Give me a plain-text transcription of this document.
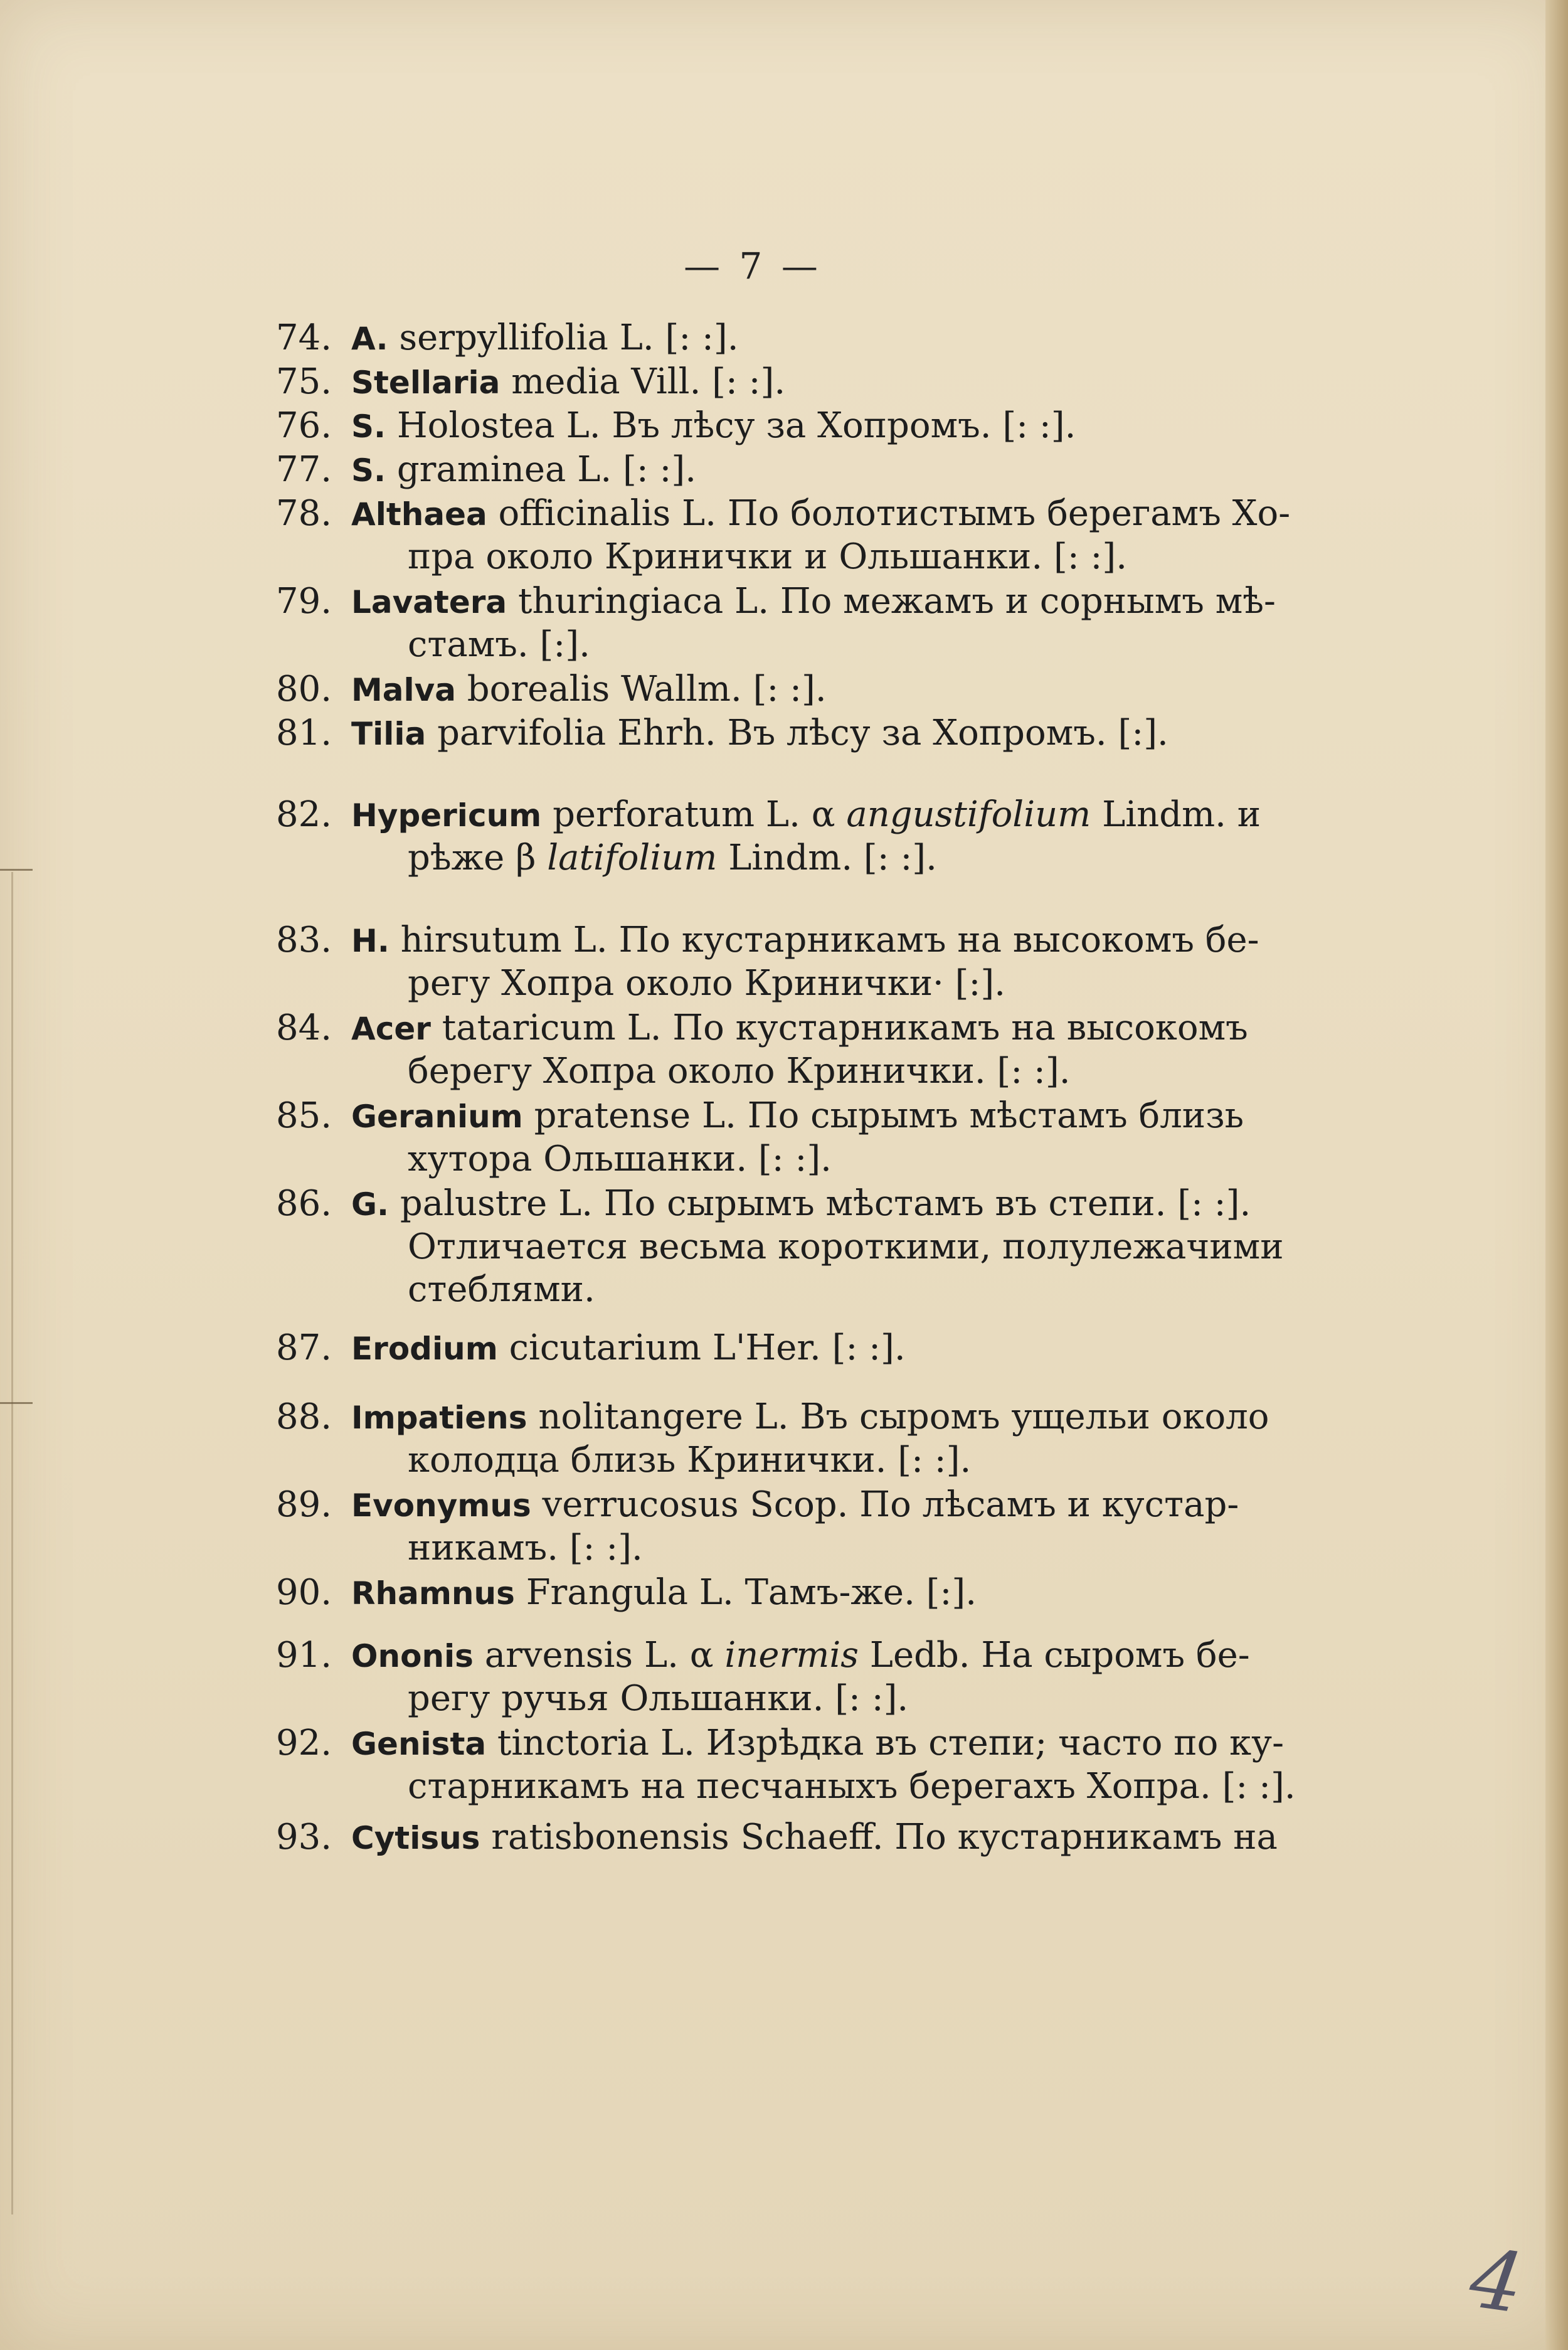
— 7 —
74. A. serpyllifolia L. [: :].
75. Stellaria media Vill. [: :].
76. S. Holostea L. Въ лѣсу за Хопромъ. [: :].
77. S. graminea L. [: :].
78. Althaea officinalis L. По болотистымъ берегамъ Хо-
пра около Кринички и Ольшанки. [: :].
79. Lavatera thuringiaca L. По межамъ и сорнымъ мѣ-
стамъ. [:].
80. Malva borealis Wallm. [: :].
81. Tilia parvifolia Ehrh. Въ лѣсу за Хопромъ. [:].
82. Hypericum perforatum L. α angustifolium Lindm. и
рѣже β latifolium Lindm. [: :].
83. H. hirsutum L. По кустарникамъ на высокомъ бе-
регу Хопра около Кринички· [:].
84. Acer tataricum L. По кустарникамъ на высокомъ
берегу Хопра около Кринички. [: :].
85. Geranium pratense L. По сырымъ мѣстамъ близь
хутора Ольшанки. [: :].
86. G. palustre L. По сырымъ мѣстамъ въ степи. [: :].
Отличается весьма короткими, полулежачими
стеблями.
87. Erodium cicutarium L'Her. [: :].
88. Impatiens nolitangere L. Въ сыромъ ущельи около
колодца близь Кринички. [: :].
89. Evonymus verrucosus Scop. По лѣсамъ и кустар-
никамъ. [: :].
90. Rhamnus Frangula L. Тамъ-же. [:].
91. Ononis arvensis L. α inermis Ledb. На сыромъ бе-
регу ручья Ольшанки. [: :].
92. Genista tinctoria L. Изрѣдка въ степи; часто по ку-
старникамъ на песчаныхъ берегахъ Хопра. [: :].
93. Cytisus ratisbonensis Schaeff. По кустарникамъ на
4
